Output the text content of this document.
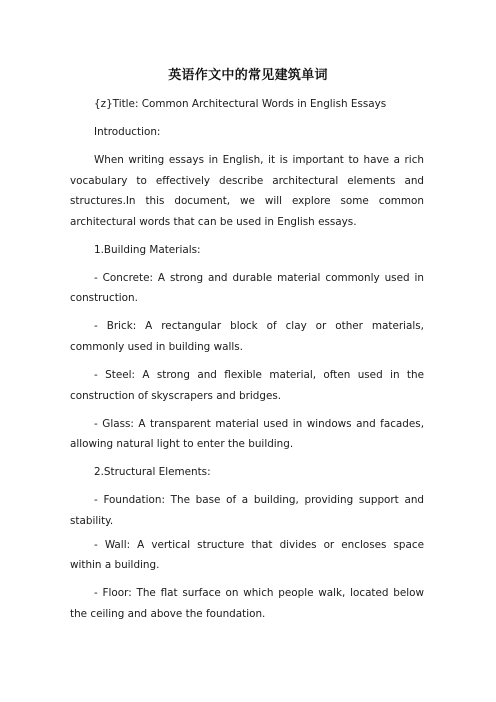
英语作文中的常见建筑单词

{z}Title: Common Architectural Words in English Essays

Introduction:

When writing essays in English, it is important to have a rich vocabulary to effectively describe architectural elements and structures.In this document, we will explore some common architectural words that can be used in English essays.

1.Building Materials:

- Concrete: A strong and durable material commonly used in construction.

- Brick: A rectangular block of clay or other materials, commonly used in building walls.

- Steel: A strong and flexible material, often used in the construction of skyscrapers and bridges.

- Glass: A transparent material used in windows and facades, allowing natural light to enter the building.

2.Structural Elements:

- Foundation: The base of a building, providing support and stability.

- Wall: A vertical structure that divides or encloses space within a building.

- Floor: The flat surface on which people walk, located below the ceiling and above the foundation.
